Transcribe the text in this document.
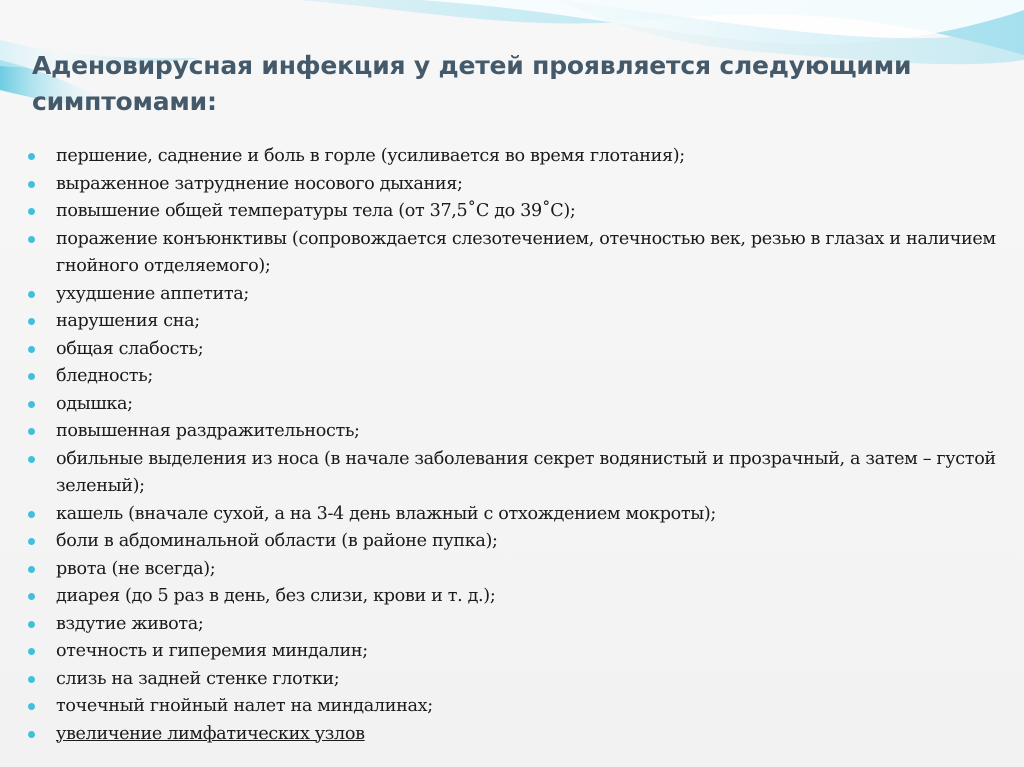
Аденовирусная инфекция у детей проявляется следующими симптомами:
першение, саднение и боль в горле (усиливается во время глотания);
выраженное затруднение носового дыхания;
повышение общей температуры тела (от 37,5˚С до 39˚С);
поражение конъюнктивы (сопровождается слезотечением, отечностью век, резью в глазах и наличием гнойного отделяемого);
ухудшение аппетита;
нарушения сна;
общая слабость;
бледность;
одышка;
повышенная раздражительность;
обильные выделения из носа (в начале заболевания секрет водянистый и прозрачный, а затем – густой зеленый);
кашель (вначале сухой, а на 3-4 день влажный с отхождением мокроты);
боли в абдоминальной области (в районе пупка);
рвота (не всегда);
диарея (до 5 раз в день, без слизи, крови и т. д.);
вздутие живота;
отечность и гиперемия миндалин;
слизь на задней стенке глотки;
точечный гнойный налет на миндалинах;
увеличение лимфатических узлов
